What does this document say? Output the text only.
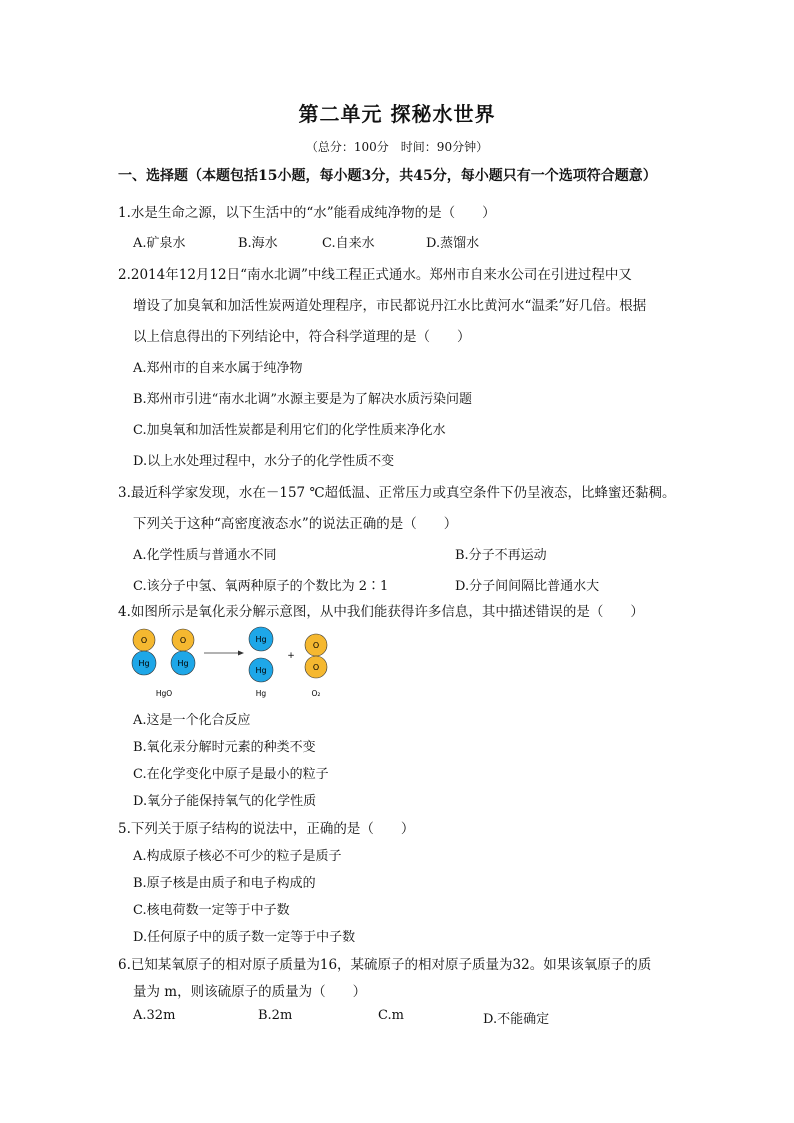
第二单元 探秘水世界
（总分：100分　时间：90分钟）
一、选择题（本题包括15小题，每小题3分，共45分，每小题只有一个选项符合题意）
1.水是生命之源，以下生活中的“水”能看成纯净物的是（　　）
A.矿泉水	B.海水	C.自来水	D.蒸馏水
2.2014年12月12日“南水北调”中线工程正式通水。郑州市自来水公司在引进过程中又
增设了加臭氧和加活性炭两道处理程序，市民都说丹江水比黄河水“温柔”好几倍。根据
以上信息得出的下列结论中，符合科学道理的是（　　）
A.郑州市的自来水属于纯净物
B.郑州市引进“南水北调”水源主要是为了解决水质污染问题
C.加臭氧和加活性炭都是利用它们的化学性质来净化水
D.以上水处理过程中，水分子的化学性质不变
3.最近科学家发现，水在－157 ℃超低温、正常压力或真空条件下仍呈液态，比蜂蜜还黏稠。
下列关于这种“高密度液态水”的说法正确的是（　　）
A.化学性质与普通水不同	B.分子不再运动
C.该分子中氢、氧两种原子的个数比为 2∶1	D.分子间间隔比普通水大
4.如图所示是氧化汞分解示意图，从中我们能获得许多信息，其中描述错误的是（　　）
O
Hg
O
Hg
Hg
Hg
+
O
O
HgO	Hg	O₂
A.这是一个化合反应
B.氧化汞分解时元素的种类不变
C.在化学变化中原子是最小的粒子
D.氧分子能保持氧气的化学性质
5.下列关于原子结构的说法中，正确的是（　　）
A.构成原子核必不可少的粒子是质子
B.原子核是由质子和电子构成的
C.核电荷数一定等于中子数
D.任何原子中的质子数一定等于中子数
6.已知某氧原子的相对原子质量为16，某硫原子的相对原子质量为32。如果该氧原子的质
量为 m，则该硫原子的质量为（　　）
A.32m	B.2m	C.m	D.不能确定
